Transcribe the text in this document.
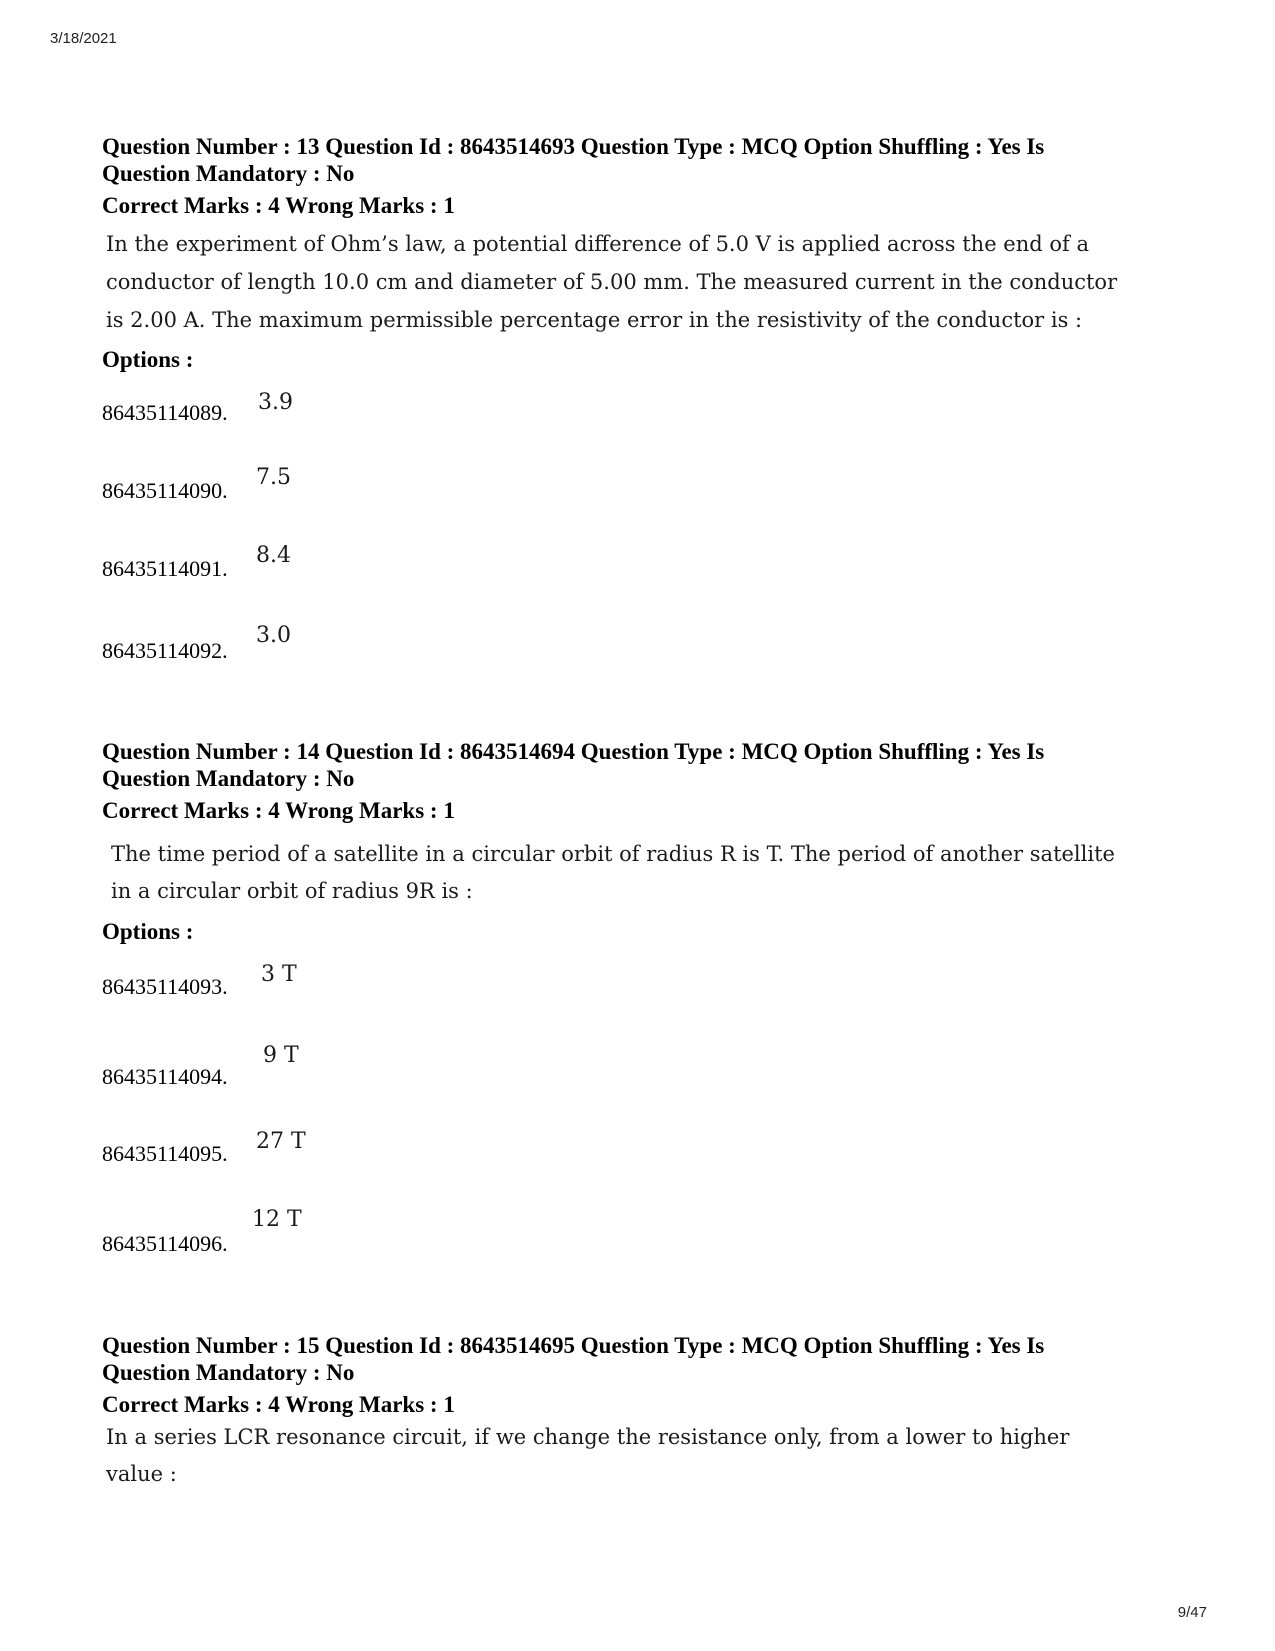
3/18/2021
9/47
Question Number : 13 Question Id : 8643514693 Question Type : MCQ Option Shuffling : Yes Is
Question Mandatory : No
Correct Marks : 4 Wrong Marks : 1
In the experiment of Ohm’s law, a potential difference of 5.0 V is applied across the end of a
conductor of length 10.0 cm and diameter of 5.00 mm. The measured current in the conductor
is 2.00 A. The maximum permissible percentage error in the resistivity of the conductor is :
Options :
86435114089. 3.9
86435114090.
7.5
86435114091.
8.4
86435114092.
3.0
Question Number : 14 Question Id : 8643514694 Question Type : MCQ Option Shuffling : Yes Is
Question Mandatory : No
Correct Marks : 4 Wrong Marks : 1
The time period of a satellite in a circular orbit of radius R is T. The period of another satellite
in a circular orbit of radius 9R is :
Options :
86435114093. 3 T
86435114094.
9 T
86435114095. 27 T
86435114096.
12 T
Question Number : 15 Question Id : 8643514695 Question Type : MCQ Option Shuffling : Yes Is
Question Mandatory : No
Correct Marks : 4 Wrong Marks : 1
In a series LCR resonance circuit, if we change the resistance only, from a lower to higher
value :
